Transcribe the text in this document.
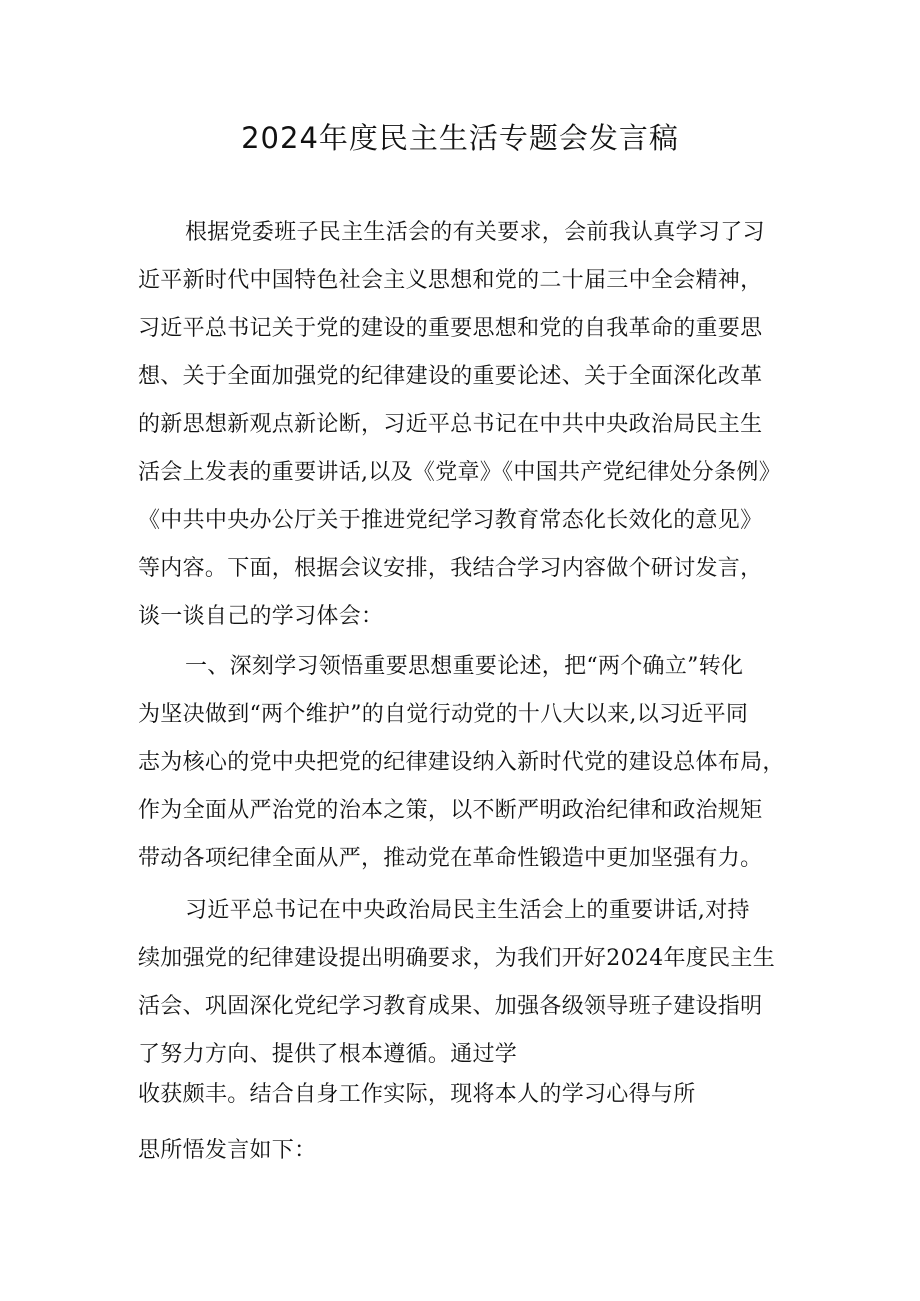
2024年度民主生活专题会发言稿
根据党委班子民主生活会的有关要求，会前我认真学习了习
近平新时代中国特色社会主义思想和党的二十届三中全会精神，
习近平总书记关于党的建设的重要思想和党的自我革命的重要思
想、关于全面加强党的纪律建设的重要论述、关于全面深化改革
的新思想新观点新论断，习近平总书记在中共中央政治局民主生
活会上发表的重要讲话,以及《党章》《中国共产党纪律处分条例》
《中共中央办公厅关于推进党纪学习教育常态化长效化的意见》
等内容。下面，根据会议安排，我结合学习内容做个研讨发言，
谈一谈自己的学习体会：
一、深刻学习领悟重要思想重要论述，把“两个确立”转化
为坚决做到“两个维护”的自觉行动党的十八大以来,以习近平同
志为核心的党中央把党的纪律建设纳入新时代党的建设总体布局，
作为全面从严治党的治本之策，以不断严明政治纪律和政治规矩
带动各项纪律全面从严，推动党在革命性锻造中更加坚强有力。
习近平总书记在中央政治局民主生活会上的重要讲话,对持
续加强党的纪律建设提出明确要求，为我们开好2024年度民主生
活会、巩固深化党纪学习教育成果、加强各级领导班子建设指明
了努力方向、提供了根本遵循。通过学
收获颇丰。结合自身工作实际，现将本人的学习心得与所
思所悟发言如下：
